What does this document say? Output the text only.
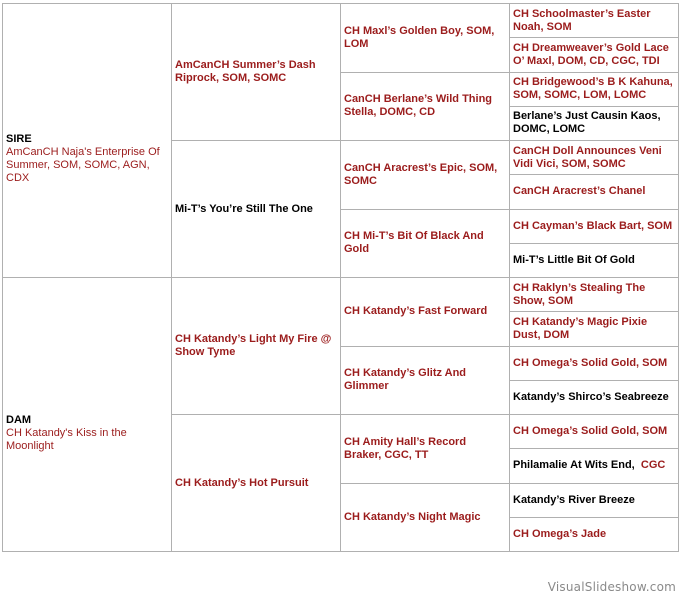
SIRE
AmCanCH Naja's Enterprise Of Summer, SOM, SOMC, AGN, CDX	AmCanCH Summer’s Dash Riprock, SOM, SOMC	CH Maxl’s Golden Boy, SOM, LOM	CH Schoolmaster’s Easter Noah, SOM
			CH Dreamweaver’s Gold Lace O’ Maxl, DOM, CD, CGC, TDI
		CanCH Berlane’s Wild Thing Stella, DOMC, CD	CH Bridgewood’s B K Kahuna, SOM, SOMC, LOM, LOMC
			Berlane’s Just Causin Kaos, DOMC, LOMC
	Mi-T’s You’re Still The One	CanCH Aracrest’s Epic, SOM, SOMC	CanCH Doll Announces Veni Vidi Vici, SOM, SOMC
			CanCH Aracrest’s Chanel
		CH Mi-T’s Bit Of Black And Gold	CH Cayman’s Black Bart, SOM
			Mi-T’s Little Bit Of Gold

DAM
CH Katandy's Kiss in the Moonlight	CH Katandy’s Light My Fire @ Show Tyme	CH Katandy’s Fast Forward	CH Raklyn’s Stealing The Show, SOM
			CH Katandy’s Magic Pixie Dust, DOM
		CH Katandy’s Glitz And Glimmer	CH Omega’s Solid Gold, SOM
			Katandy’s Shirco’s Seabreeze
	CH Katandy’s Hot Pursuit	CH Amity Hall’s Record Braker, CGC, TT	CH Omega’s Solid Gold, SOM
			Philamalie At Wits End, CGC
		CH Katandy’s Night Magic	Katandy’s River Breeze
			CH Omega’s Jade
VisualSlideshow.com
